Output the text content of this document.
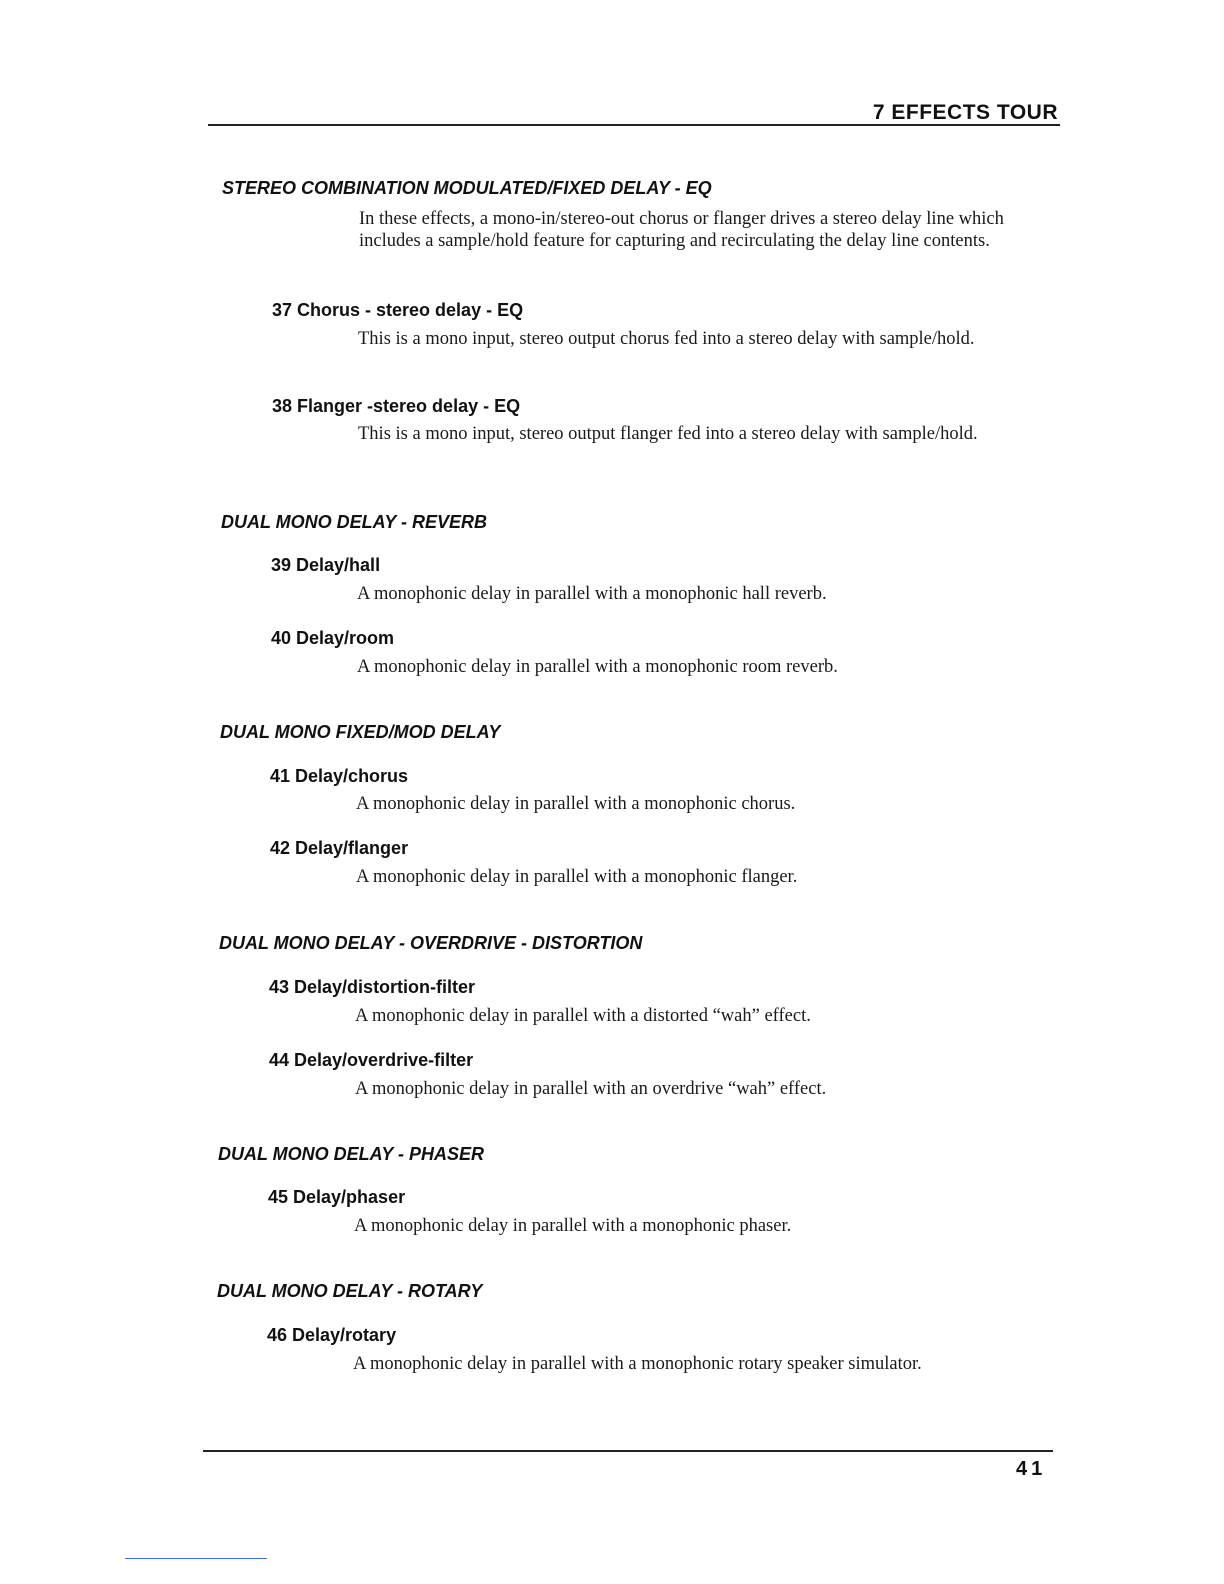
7 EFFECTS TOUR
STEREO COMBINATION MODULATED/FIXED DELAY - EQ

In these effects, a mono-in/stereo-out chorus or flanger drives a stereo delay line which includes a sample/hold feature for capturing and recirculating the delay line contents.

37 Chorus - stereo delay - EQ

This is a mono input, stereo output chorus fed into a stereo delay with sample/hold.

38 Flanger -stereo delay - EQ

This is a mono input, stereo output flanger fed into a stereo delay with sample/hold.

DUAL MONO DELAY - REVERB
39 Delay/hall

A monophonic delay in parallel with a monophonic hall reverb.

40 Delay/room

A monophonic delay in parallel with a monophonic room reverb.

DUAL MONO FIXED/MOD DELAY
41 Delay/chorus

A monophonic delay in parallel with a monophonic chorus.

42 Delay/flanger

A monophonic delay in parallel with a monophonic flanger.

DUAL MONO DELAY - OVERDRIVE - DISTORTION
43 Delay/distortion-filter

A monophonic delay in parallel with a distorted “wah” effect.

44 Delay/overdrive-filter

A monophonic delay in parallel with an overdrive “wah” effect.

DUAL MONO DELAY - PHASER
45 Delay/phaser

A monophonic delay in parallel with a monophonic phaser.

DUAL MONO DELAY - ROTARY
46 Delay/rotary

A monophonic delay in parallel with a monophonic rotary speaker simulator.

41
